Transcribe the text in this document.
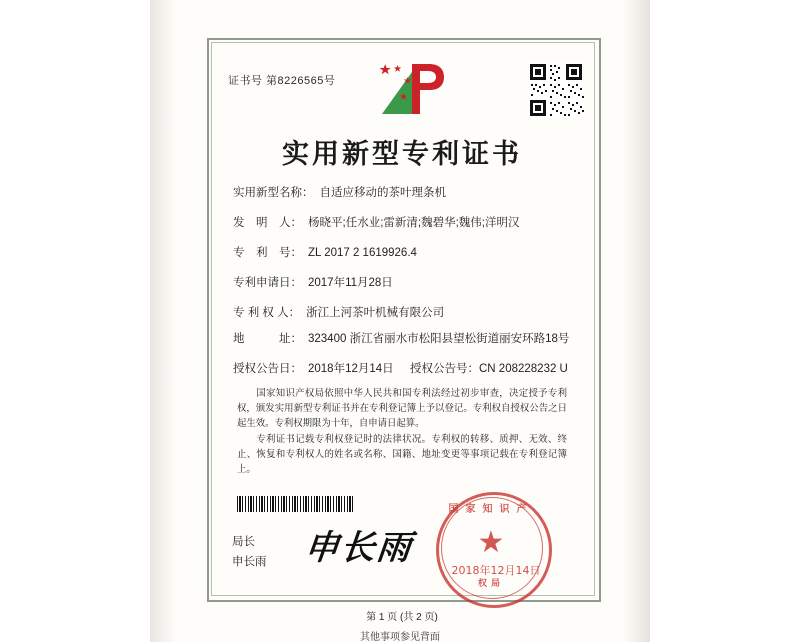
证书号 第8226565号
实用新型专利证书
实用新型名称： 自适应移动的茶叶理条机
发　明　人： 杨晓平;任水业;雷新清;魏碧华;魏伟;洋明汉
专　利　号： ZL 2017 2 1619926.4
专利申请日： 2017年11月28日
专 利 权 人： 浙江上河茶叶机械有限公司
地　　　址： 323400 浙江省丽水市松阳县望松街道丽安环路18号
授权公告日： 2018年12月14日	授权公告号：CN 208228232 U
国家知识产权局依照中华人民共和国专利法经过初步审查，决定授予专利权，颁发实用新型专利证书并在专利登记簿上予以登记。专利权自授权公告之日起生效。专利权期限为十年，自申请日起算。
专利证书记载专利权登记时的法律状况。专利权的转移、质押、无效、终止、恢复和专利权人的姓名或名称、国籍、地址变更等事项记载在专利登记簿上。
局长
申长雨 申长雨
国家知识产
★
2018年12月14日
权局
第 1 页 (共 2 页)
其他事项参见背面
